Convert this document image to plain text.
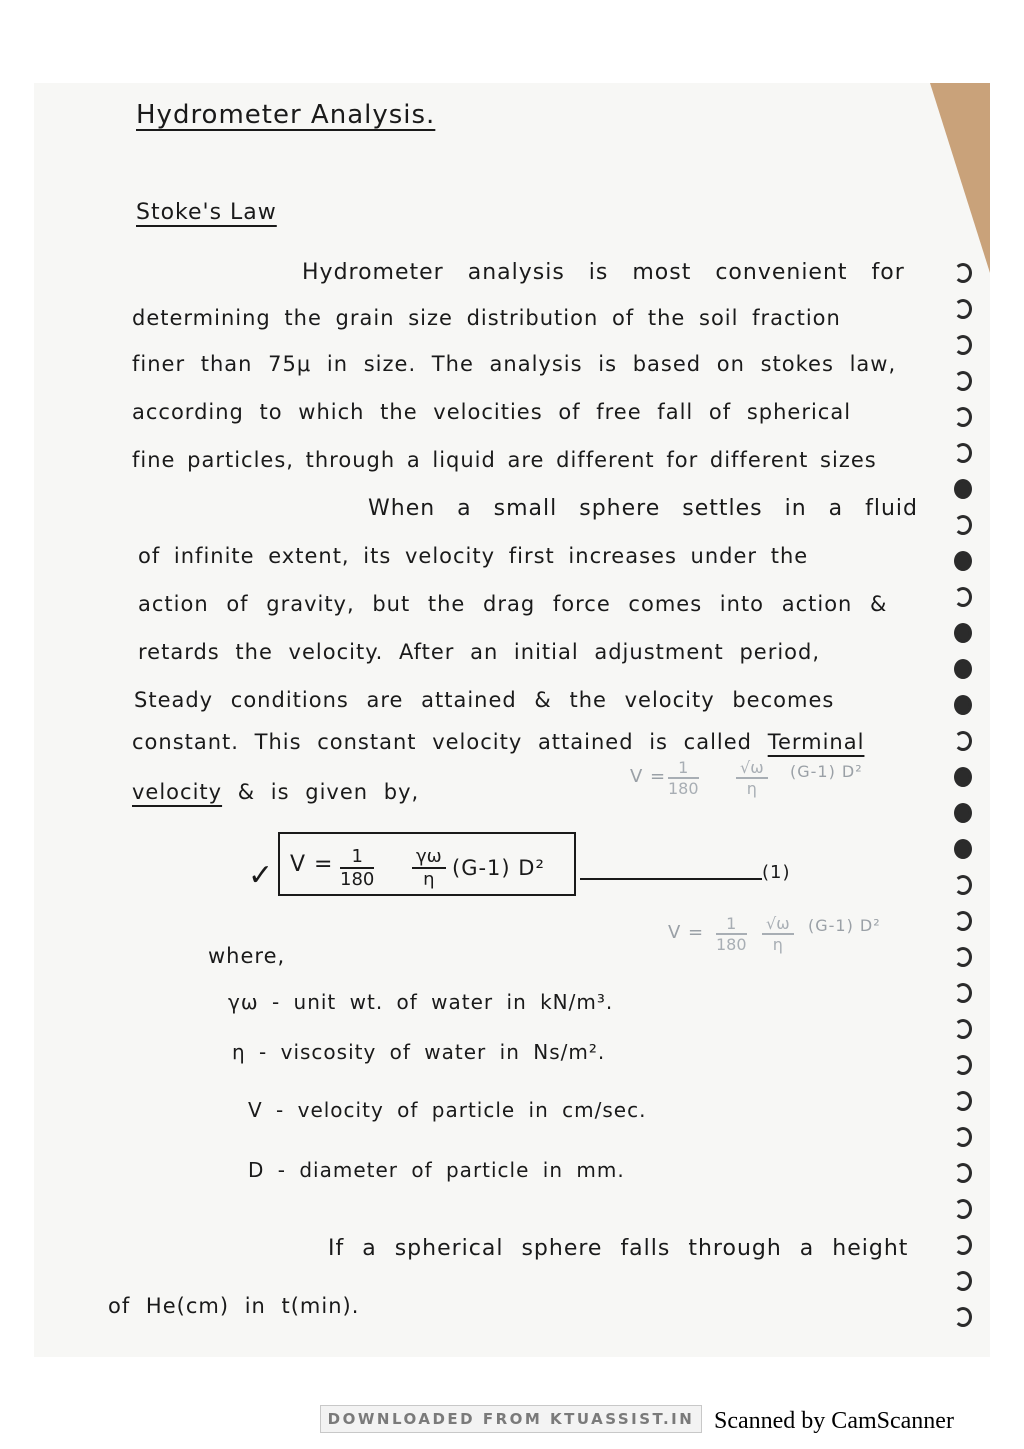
Hydrometer Analysis.
Stoke's Law
Hydrometer analysis is most convenient for
determining the grain size distribution of the soil fraction
finer than 75μ in size. The analysis is based on stokes law,
according to which the velocities of free fall of spherical
fine particles, through a liquid are different for different sizes
When a small sphere settles in a fluid
of infinite extent, its velocity first increases under the
action of gravity, but the drag force comes into action &
retards the velocity. After an initial adjustment period,
Steady conditions are attained & the velocity becomes
constant. This constant velocity attained is called Terminal
velocity & is given by,
$V = \frac{1}{180} \frac{√\omega}{\eta} (G-1)$ D²
✓ $V = \frac{1}{180} \frac{\gamma\omega}{\eta} (G-1)$ D²	(1)
$V = \frac{1}{180} \frac{√\omega}{\eta} (G-1)$ D²
where,
γω - unit wt. of water in kN/m³.
η - viscosity of water in Ns/m².
V - velocity of particle in cm/sec.
D - diameter of particle in mm.
If a spherical sphere falls through a height
of He(cm) in t(min).
DOWNLOADED FROM KTUASSIST.IN Scanned by CamScanner
